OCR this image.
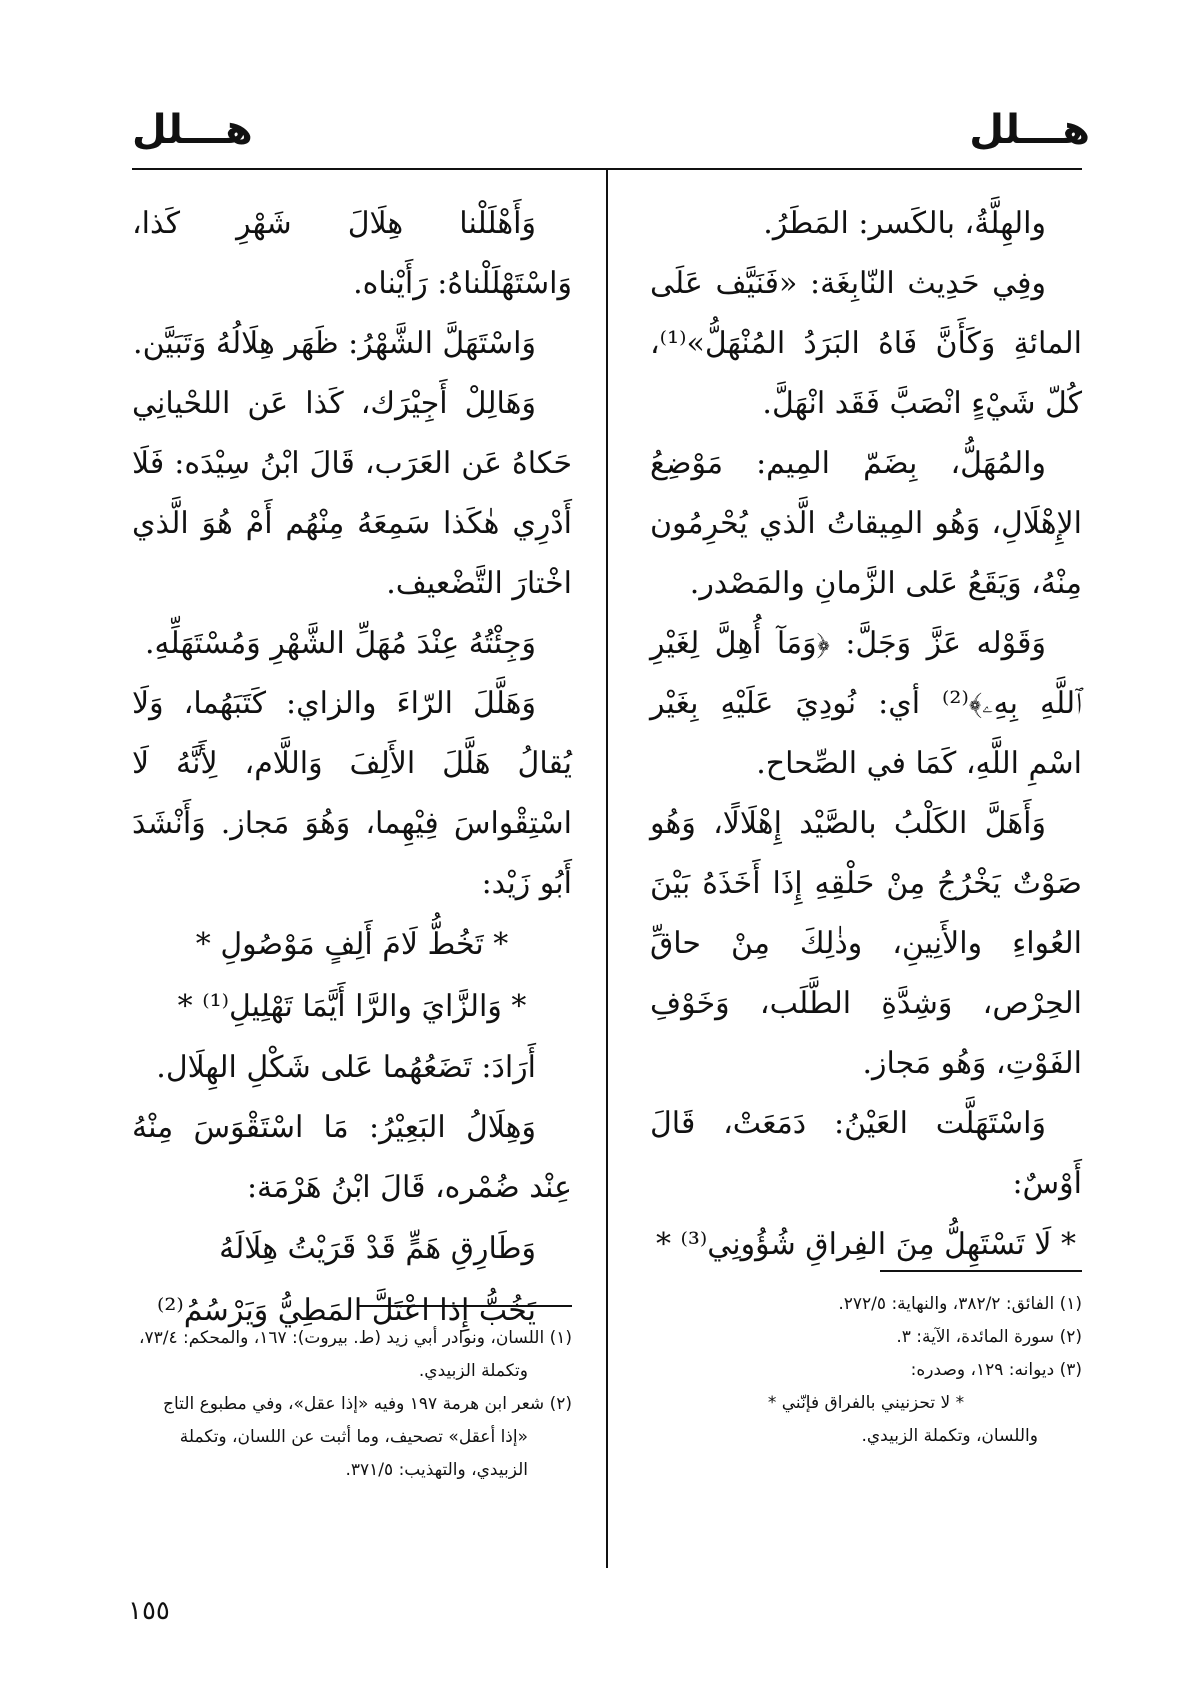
هـــلل
هـــلل

والهِلَّةُ، بالكَسر: المَطَرُ.

وفِي حَدِيث النّابِغَة: «فَنَيَّف عَلَى المائةِ وَكَأَنَّ فَاهُ البَرَدُ المُنْهَلُّ»⁽¹⁾، كُلّ شَيْءٍ انْصَبَّ فَقَد انْهَلَّ.

والمُهَلُّ، بِضَمّ المِيم: مَوْضِعُ الإِهْلَالِ، وَهُو المِيقاتُ الَّذي يُحْرِمُون مِنْهُ، وَيَقَعُ عَلى الزَّمانِ والمَصْدر.

وَقَوْله عَزَّ وَجَلَّ: ﴿وَمَآ أُهِلَّ لِغَيْرِ ٱللَّهِ بِهِۦ﴾⁽²⁾ أي: نُودِيَ عَلَيْهِ بِغَيْر اسْمِ اللَّهِ، كَمَا في الصِّحاح.

وَأَهَلَّ الكَلْبُ بالصَّيْد إِهْلَالًا، وَهُو صَوْتٌ يَخْرُجُ مِنْ حَلْقِهِ إِذَا أَخَذَهُ بَيْنَ العُواءِ والأَنِينِ، وذٰلِكَ مِنْ حاقِّ الحِرْص، وَشِدَّةِ الطَّلَب، وَخَوْفِ الفَوْتِ، وَهُو مَجاز.

وَاسْتَهَلَّت العَيْنُ: دَمَعَتْ، قَالَ أَوْسٌ:

* لَا تَسْتَهِلُّ مِنَ الفِراقِ شُؤُونِي⁽³⁾ *

وَأَهْلَلْنا هِلَالَ شَهْرِ كَذا، وَاسْتَهْلَلْناهُ: رَأَيْناه.

وَاسْتَهَلَّ الشَّهْرُ: ظَهَر هِلَالُهُ وَتَبَيَّن.

وَهَالِلْ أَجِيْرَك، كَذا عَن اللحْيانِي حَكاهُ عَن العَرَب، قَالَ ابْنُ سِيْدَه: فَلَا أَدْرِي هٰكَذا سَمِعَهُ مِنْهُم أَمْ هُوَ الَّذي اخْتارَ التَّضْعيف.

وَجِئْتُهُ عِنْدَ مُهَلِّ الشَّهْرِ وَمُسْتَهَلِّهِ.

وَهَلَّلَ الرّاءَ والزاي: كَتَبَهُما، وَلَا يُقالُ هَلَّلَ الأَلِفَ وَاللَّام، لِأَنَّهُ لَا اسْتِقْواسَ فِيْهِما، وَهُوَ مَجاز. وَأَنْشَدَ أَبُو زَيْد:

* تَخُطُّ لَامَ أَلِفٍ مَوْصُولِ *

* وَالزَّايَ والرَّا أَيَّمَا تَهْلِيلِ⁽¹⁾ *

أَرَادَ: تَضَعُهُما عَلى شَكْلِ الهِلَال.

وَهِلَالُ البَعِيْرُ: مَا اسْتَقْوَسَ مِنْهُ عِنْد ضُمْره، قَالَ ابْنُ هَرْمَة:

وَطَارِقِ هَمٍّ قَدْ قَرَيْتُ هِلَالَهُ

يَخُبُّ إِذا اعْتَلَّ المَطِيُّ وَيَرْسُمُ⁽²⁾	(١) الفائق: ٣٨٢/٢، والنهاية: ٢٧٢/٥.

(٢) سورة المائدة، الآية: ٣.

(٣) ديوانه: ١٢٩، وصدره:

* لا تحزنيني بالفراق فإنّني *

واللسان، وتكملة الزبيدي.

(١) اللسان، ونوادر أبي زيد (ط. بيروت): ١٦٧، والمحكم: ٧٣/٤، وتكملة الزبيدي.

(٢) شعر ابن هرمة ١٩٧ وفيه «إذا عقل»، وفي مطبوع التاج «إذا أعقل» تصحيف، وما أثبت عن اللسان، وتكملة الزبيدي، والتهذيب: ٣٧١/٥.

١٥٥
